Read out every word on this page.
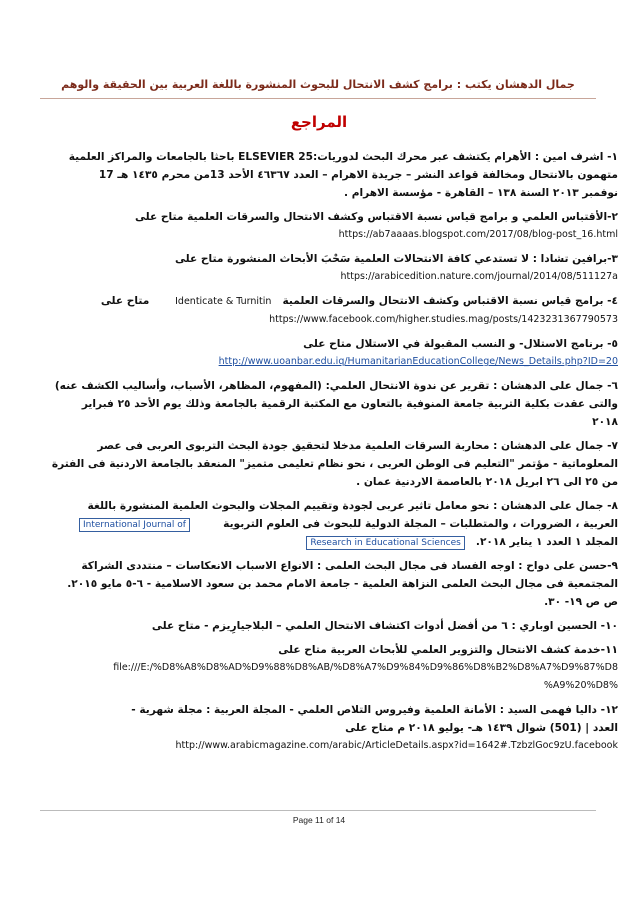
جمال الدهشان يكتب : برامج كشف الانتحال للبحوث المنشورة باللغة العربية بين الحقيقة والوهم
المراجع
١- اشرف امين : الأهرام يكتشف عبر محرك البحث لدوريات:ELSEVIER 25 باحثا بالجامعات والمراكز العلمية
متهمون بالانتحال ومخالفة قواعد النشر – جريدة الاهرام – العدد ٤٦٣٦٧ الأحد 13من محرم ١٤٣٥ هـ 17
نوفمبر ٢٠١٣ السنة ١٣٨ – القاهرة - مؤسسة الاهرام .
٢-الأقتباس العلمي و برامج قياس نسبة الاقتباس وكشف الانتحال والسرقات العلمية متاح على
https://ab7aaaas.blogspot.com/2017/08/blog-post_16.html
٣-برافين تشادا : لا تستدعي كافة الانتحالات العلمية سَحْبَ الأبحاث المنشورة متاح على
https://arabicedition.nature.com/journal/2014/08/511127a
٤- برامج قياس نسبة الاقتباس وكشف الانتحال والسرقات العلمية   Identicate & Turnitin       متاح على
https://www.facebook.com/higher.studies.mag/posts/1423231367790573
٥- برنامج الاستلال- و النسب المقبولة في الاستلال متاح على
http://www.uoanbar.edu.iq/HumanitarianEducationCollege/News_Details.php?ID=20
٦- جمال على الدهشان : تقرير عن ندوة الانتحال العلمي: (المفهوم، المظاهر، الأسباب، وأساليب الكشف عنه)
والتى عقدت بكلية التربية جامعة المنوفية بالتعاون مع المكتبة الرقمية بالجامعة وذلك يوم الأحد ٢٥ فبراير
٢٠١٨
٧- جمال على الدهشان : محاربة السرقات العلمية مدخلا لتحقيق جودة البحث التربوى العربى فى عصر
المعلوماتية - مؤتمر "التعليم فى الوطن العربى ، نحو نظام تعليمى متميز" المنعقد بالجامعة الاردنية فى الفترة
من ٢٥ الى ٢٦ ابريل ٢٠١٨ بالعاصمة الاردنية عمان .
٨- جمال على الدهشان : نحو معامل تاثير عربى لجودة وتقييم المجلات والبحوث العلمية المنشورة باللغة
العربية ، الضرورات ، والمتطلبات – المجلة الدولية للبحوث فى العلوم التربوية         International Journal of
المجلد ١ العدد ١ يناير ٢٠١٨.   Research in Educational Sciences
٩-حسن على دواح : اوجه الفساد فى مجال البحث العلمى : الانواع الاسباب الانعكاسات – منتددى الشراكة
المجتمعية فى مجال البحث العلمى النزاهة العلمية - جامعة الامام محمد بن سعود الاسلامية - ٦-٥ مايو ٢٠١٥.
ص ص ١٩- ٣٠.
١٠- الحسين اوباري : ٦ من أفضل أدوات اكتشاف الانتحال العلمي – البلاجيارِيزم - متاح على
١١-خدمة كشف الانتحال والتزوير العلمي للأبحاث العربية متاح على
file:///E:/%D8%A8%D8%AD%D9%88%D8%AB/%D8%A7%D9%84%D9%86%D8%B2%D8%A7%D9%87%D8
%A9%20%D8%
١٢- داليا فهمى السيد : الأمانة العلمية وفيروس التلاص العلمي - المجلة العربية : مجلة شهرية -
العدد | (501) شوال ١٤٣٩ هـ- يوليو ٢٠١٨ م متاح على
http://www.arabicmagazine.com/arabic/ArticleDetails.aspx?id=1642#.TzbzlGoc9zU.facebook
Page 11 of 14
